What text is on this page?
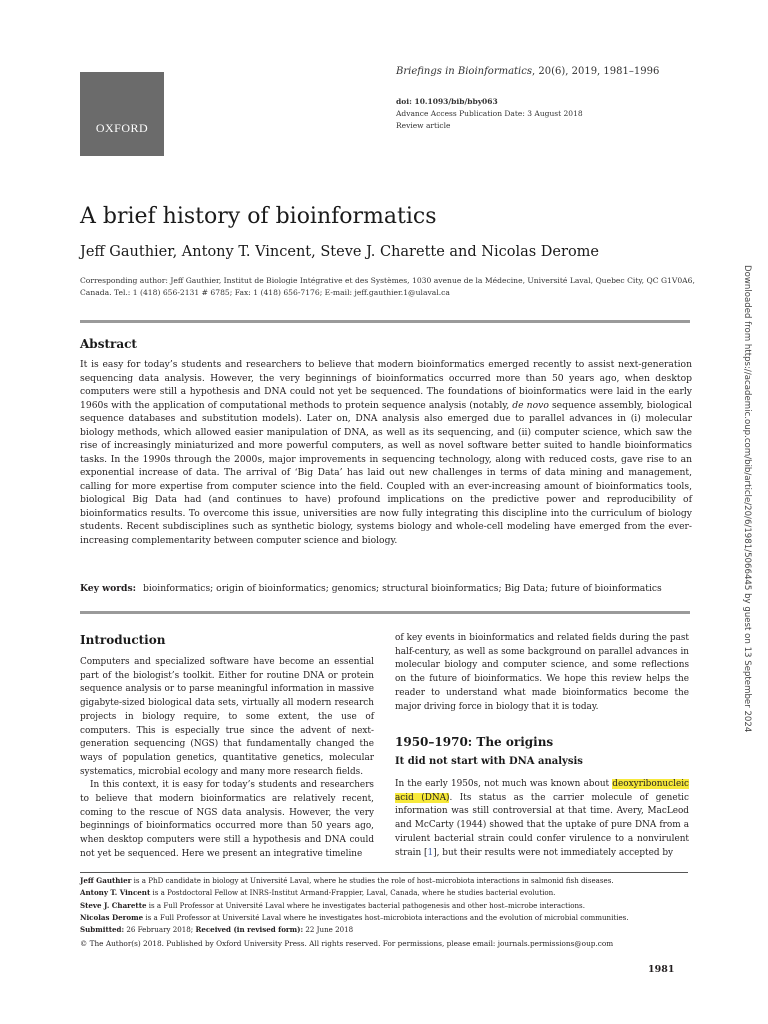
OXFORD
Briefings in Bioinformatics, 20(6), 2019, 1981–1996
doi: 10.1093/bib/bby063
Advance Access Publication Date: 3 August 2018
Review article
A brief history of bioinformatics
Jeff Gauthier, Antony T. Vincent, Steve J. Charette and Nicolas Derome
Corresponding author: Jeff Gauthier, Institut de Biologie Intégrative et des Systèmes, 1030 avenue de la Médecine, Université Laval, Quebec City, QC G1V0A6, Canada. Tel.: 1 (418) 656-2131 # 6785; Fax: 1 (418) 656-7176; E-mail: jeff.gauthier.1@ulaval.ca
Abstract
It is easy for today’s students and researchers to believe that modern bioinformatics emerged recently to assist next-generation sequencing data analysis. However, the very beginnings of bioinformatics occurred more than 50 years ago, when desktop computers were still a hypothesis and DNA could not yet be sequenced. The foundations of bioinformatics were laid in the early 1960s with the application of computational methods to protein sequence analysis (notably, de novo sequence assembly, biological sequence databases and substitution models). Later on, DNA analysis also emerged due to parallel advances in (i) molecular biology methods, which allowed easier manipulation of DNA, as well as its sequencing, and (ii) computer science, which saw the rise of increasingly miniaturized and more powerful computers, as well as novel software better suited to handle bioinformatics tasks. In the 1990s through the 2000s, major improvements in sequencing technology, along with reduced costs, gave rise to an exponential increase of data. The arrival of ‘Big Data’ has laid out new challenges in terms of data mining and management, calling for more expertise from computer science into the field. Coupled with an ever-increasing amount of bioinformatics tools, biological Big Data had (and continues to have) profound implications on the predictive power and reproducibility of bioinformatics results. To overcome this issue, universities are now fully integrating this discipline into the curriculum of biology students. Recent subdisciplines such as synthetic biology, systems biology and whole-cell modeling have emerged from the ever-increasing complementarity between computer science and biology.
Key words: bioinformatics; origin of bioinformatics; genomics; structural bioinformatics; Big Data; future of bioinformatics
Introduction

Computers and specialized software have become an essential part of the biologist’s toolkit. Either for routine DNA or protein sequence analysis or to parse meaningful information in massive gigabyte-sized biological data sets, virtually all modern research projects in biology require, to some extent, the use of computers. This is especially true since the advent of next-generation sequencing (NGS) that fundamentally changed the ways of population genetics, quantitative genetics, molecular systematics, microbial ecology and many more research fields.

In this context, it is easy for today’s students and researchers to believe that modern bioinformatics are relatively recent, coming to the rescue of NGS data analysis. However, the very beginnings of bioinformatics occurred more than 50 years ago, when desktop computers were still a hypothesis and DNA could not yet be sequenced. Here we present an integrative timeline

of key events in bioinformatics and related fields during the past half-century, as well as some background on parallel advances in molecular biology and computer science, and some reflections on the future of bioinformatics. We hope this review helps the reader to understand what made bioinformatics become the major driving force in biology that it is today.

1950–1970: The origins
It did not start with DNA analysis

In the early 1950s, not much was known about deoxyribonucleic acid (DNA). Its status as the carrier molecule of genetic information was still controversial at that time. Avery, MacLeod and McCarty (1944) showed that the uptake of pure DNA from a virulent bacterial strain could confer virulence to a nonvirulent strain [1], but their results were not immediately accepted by

Jeff Gauthier is a PhD candidate in biology at Université Laval, where he studies the role of host–microbiota interactions in salmonid fish diseases.
Antony T. Vincent is a Postdoctoral Fellow at INRS-Institut Armand-Frappier, Laval, Canada, where he studies bacterial evolution.
Steve J. Charette is a Full Professor at Université Laval where he investigates bacterial pathogenesis and other host–microbe interactions.
Nicolas Derome is a Full Professor at Université Laval where he investigates host–microbiota interactions and the evolution of microbial communities.
Submitted: 26 February 2018; Received (in revised form): 22 June 2018
© The Author(s) 2018. Published by Oxford University Press. All rights reserved. For permissions, please email: journals.permissions@oup.com
1981
Downloaded from https://academic.oup.com/bib/article/20/6/1981/5066445 by guest on 13 September 2024
